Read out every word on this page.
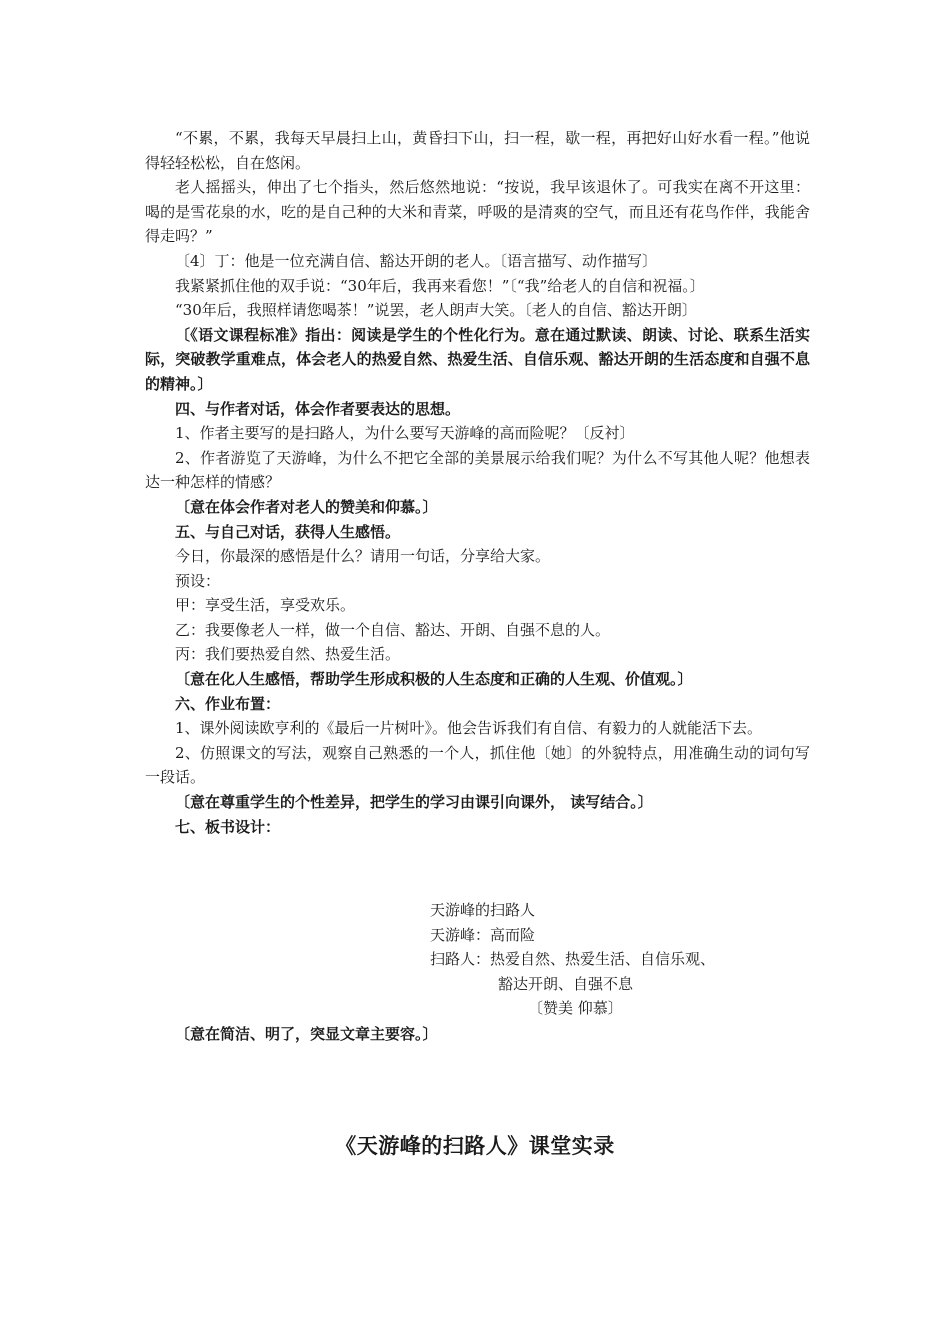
“不累，不累，我每天早晨扫上山，黄昏扫下山，扫一程，歇一程，再把好山好水看一程。”他说得轻轻松松，自在悠闲。

老人摇摇头，伸出了七个指头，然后悠然地说：“按说，我早该退休了。可我实在离不开这里：喝的是雪花泉的水，吃的是自己种的大米和青菜，呼吸的是清爽的空气，而且还有花鸟作伴，我能舍得走吗？”

〔4〕丁：他是一位充满自信、豁达开朗的老人。〔语言描写、动作描写〕

我紧紧抓住他的双手说：“30年后，我再来看您！”〔“我”给老人的自信和祝福。〕

“30年后，我照样请您喝茶！”说罢，老人朗声大笑。〔老人的自信、豁达开朗〕

〔《语文课程标准》指出：阅读是学生的个性化行为。意在通过默读、朗读、讨论、联系生活实际，突破教学重难点，体会老人的热爱自然、热爱生活、自信乐观、豁达开朗的生活态度和自强不息的精神。〕

四、与作者对话，体会作者要表达的思想。

1、作者主要写的是扫路人，为什么要写天游峰的高而险呢？〔反衬〕

2、作者游览了天游峰，为什么不把它全部的美景展示给我们呢？为什么不写其他人呢？他想表达一种怎样的情感？

〔意在体会作者对老人的赞美和仰慕。〕

五、与自己对话，获得人生感悟。

今日，你最深的感悟是什么？请用一句话，分享给大家。

预设：

甲：享受生活，享受欢乐。

乙：我要像老人一样，做一个自信、豁达、开朗、自强不息的人。

丙：我们要热爱自然、热爱生活。

〔意在化人生感悟，帮助学生形成积极的人生态度和正确的人生观、价值观。〕

六、作业布置：

1、课外阅读欧亨利的《最后一片树叶》。他会告诉我们有自信、有毅力的人就能活下去。

2、仿照课文的写法，观察自己熟悉的一个人，抓住他〔她〕的外貌特点，用准确生动的词句写一段话。

〔意在尊重学生的个性差异，把学生的学习由课引向课外， 读写结合。〕

七、板书设计：

天游峰的扫路人
天游峰：高而险
扫路人：热爱自然、热爱生活、自信乐观、
豁达开朗、自强不息
〔赞美 仰慕〕

〔意在简洁、明了，突显文章主要容。〕

《天游峰的扫路人》课堂实录
